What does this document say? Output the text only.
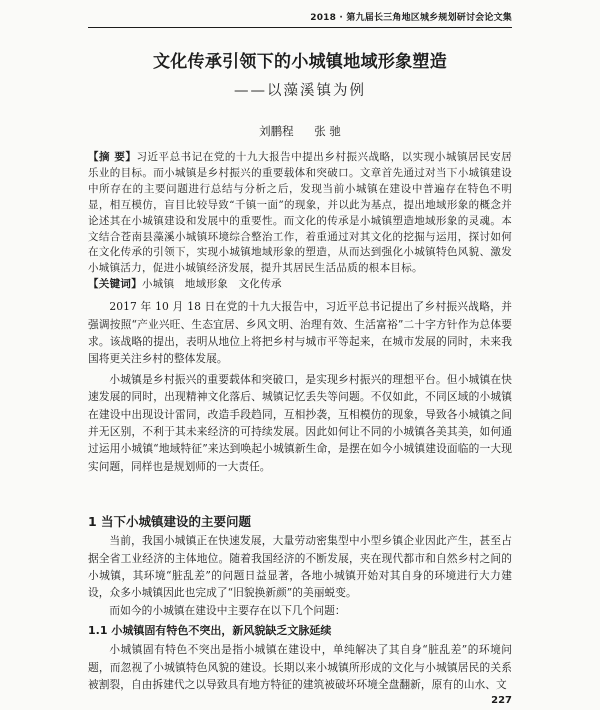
2018 · 第九届长三角地区城乡规划研讨会论文集
文化传承引领下的小城镇地域形象塑造
——以藻溪镇为例
刘鹏程 张 驰

【摘 要】习近平总书记在党的十九大报告中提出乡村振兴战略，以实现小城镇居民安居乐业的目标。而小城镇是乡村振兴的重要载体和突破口。文章首先通过对当下小城镇建设中所存在的主要问题进行总结与分析之后，发现当前小城镇在建设中普遍存在特色不明显，相互模仿，盲目比较导致“千镇一面”的现象，并以此为基点，提出地域形象的概念并论述其在小城镇建设和发展中的重要性。而文化的传承是小城镇塑造地域形象的灵魂。本文结合苍南县藻溪小城镇环境综合整治工作，着重通过对其文化的挖掘与运用，探讨如何在文化传承的引领下，实现小城镇地域形象的塑造，从而达到强化小城镇特色风貌、激发小城镇活力，促进小城镇经济发展，提升其居民生活品质的根本目标。

【关键词】小城镇 地域形象 文化传承

2017 年 10 月 18 日在党的十九大报告中，习近平总书记提出了乡村振兴战略，并强调按照“产业兴旺、生态宜居、乡风文明、治理有效、生活富裕”二十字方针作为总体要求。该战略的提出，表明从地位上将把乡村与城市平等起来，在城市发展的同时，未来我国将更关注乡村的整体发展。

小城镇是乡村振兴的重要载体和突破口，是实现乡村振兴的理想平台。但小城镇在快速发展的同时，出现精神文化落后、城镇记忆丢失等问题。不仅如此，不同区域的小城镇在建设中出现设计雷同，改造手段趋同，互相抄袭，互相模仿的现象，导致各小城镇之间并无区别，不利于其未来经济的可持续发展。因此如何让不同的小城镇各美其美，如何通过运用小城镇“地域特征”来达到唤起小城镇新生命，是摆在如今小城镇建设面临的一大现实问题，同样也是规划师的一大责任。

1 当下小城镇建设的主要问题

当前，我国小城镇正在快速发展，大量劳动密集型中小型乡镇企业因此产生，甚至占据全省工业经济的主体地位。随着我国经济的不断发展，夹在现代都市和自然乡村之间的小城镇，其环境“脏乱差”的问题日益显著，各地小城镇开始对其自身的环境进行大力建设，众多小城镇因此也完成了“旧貌换新颜”的美丽蜕变。

而如今的小城镇在建设中主要存在以下几个问题：

1.1 小城镇固有特色不突出，新风貌缺乏文脉延续

小城镇固有特色不突出是指小城镇在建设中，单纯解决了其自身“脏乱差”的环境问题，而忽视了小城镇特色风貌的建设。长期以来小城镇所形成的文化与小城镇居民的关系被割裂，自由拆建代之以导致具有地方特征的建筑被破坏环境全盘翻新，原有的山水、文

227
